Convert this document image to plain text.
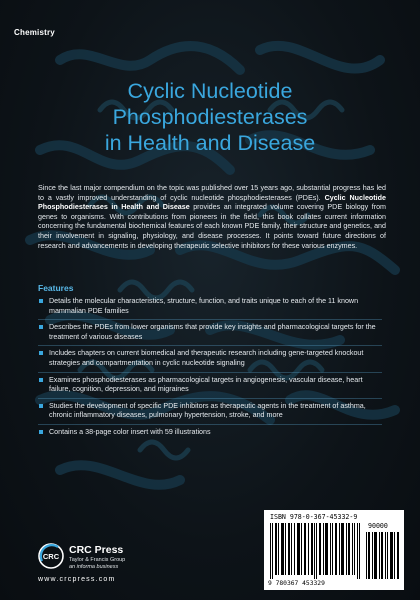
Chemistry
Cyclic Nucleotide
Phosphodiesterases
in Health and Disease
Since the last major compendium on the topic was published over 15 years ago, substantial progress has led to a vastly improved understanding of cyclic nucleotide phosphodiesterases (PDEs). Cyclic Nucleotide Phosphodiesterases in Health and Disease provides an integrated volume covering PDE biology from genes to organisms. With contributions from pioneers in the field, this book collates current information concerning the fundamental biochemical features of each known PDE family, their structure and genetics, and their involvement in signaling, physiology, and disease processes. It points toward future directions of research and advancements in developing therapeutic selective inhibitors for these various enzymes.
Features
Details the molecular characteristics, structure, function, and traits unique to each of the 11 known mammalian PDE families
Describes the PDEs from lower organisms that provide key insights and pharmacological targets for the treatment of various diseases
Includes chapters on current biomedical and therapeutic research including gene-targeted knockout strategies and compartmentation in cyclic nucleotide signaling
Examines phosphodiesterases as pharmacological targets in angiogenesis, vascular disease, heart failure, cognition, depression, and migraines
Studies the development of specific PDE inhibitors as therapeutic agents in the treatment of asthma, chronic inflammatory diseases, pulmonary hypertension, stroke, and more
Contains a 38-page color insert with 59 illustrations
CRC
CRC Press
Taylor & Francis Group
an informa business
www.crcpress.com
ISBN 978-0-367-45332-9
90000
9 780367 453329
